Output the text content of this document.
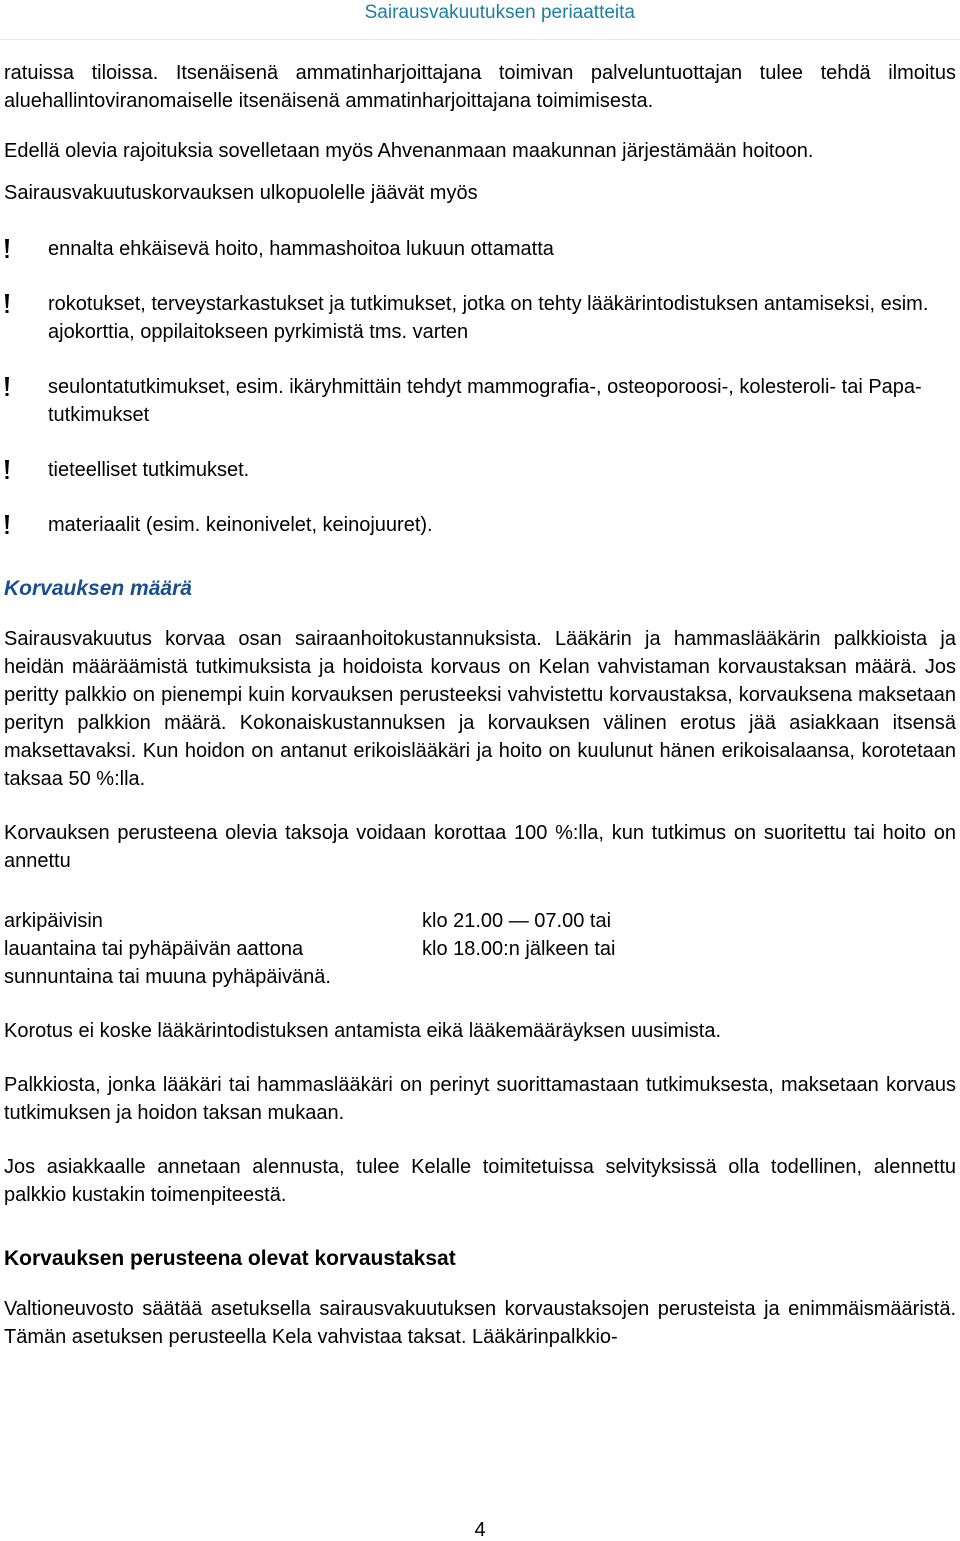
Sairausvakuutuksen periaatteita

ratuissa tiloissa. Itsenäisenä ammatinharjoittajana toimivan palveluntuottajan tulee tehdä ilmoitus aluehallintoviranomaiselle itsenäisenä ammatinharjoittajana toimimisesta.

Edellä olevia rajoituksia sovelletaan myös Ahvenanmaan maakunnan järjestämään hoitoon.

Sairausvakuutuskorvauksen ulkopuolelle jäävät myös

ennalta ehkäisevä hoito, hammashoitoa lukuun ottamatta
rokotukset, terveystarkastukset ja tutkimukset, jotka on tehty lääkärintodistuksen antamiseksi, esim. ajokorttia, oppilaitokseen pyrkimistä tms. varten
seulontatutkimukset, esim. ikäryhmittäin tehdyt mammografia-, osteoporoosi-, kolesteroli- tai Papa-tutkimukset
tieteelliset tutkimukset.
materiaalit (esim. keinonivelet, keinojuuret).
Korvauksen määrä

Sairausvakuutus korvaa osan sairaanhoitokustannuksista. Lääkärin ja hammaslääkärin palkkioista ja heidän määräämistä tutkimuksista ja hoidoista korvaus on Kelan vahvistaman korvaustaksan määrä. Jos peritty palkkio on pienempi kuin korvauksen perusteeksi vahvistettu korvaustaksa, korvauksena maksetaan perityn palkkion määrä. Kokonaiskustannuksen ja korvauksen välinen erotus jää asiakkaan itsensä maksettavaksi. Kun hoidon on antanut erikoislääkäri ja hoito on kuulunut hänen erikoisalaansa, korotetaan taksaa 50 %:lla.

Korvauksen perusteena olevia taksoja voidaan korottaa 100 %:lla, kun tutkimus on suoritettu tai hoito on annettu

arkipäivisin	klo 21.00 — 07.00 tai
lauantaina tai pyhäpäivän aattona	klo 18.00:n jälkeen tai
sunnuntaina tai muuna pyhäpäivänä.

Korotus ei koske lääkärintodistuksen antamista eikä lääkemääräyksen uusimista.

Palkkiosta, jonka lääkäri tai hammaslääkäri on perinyt suorittamastaan tutkimuksesta, maksetaan korvaus tutkimuksen ja hoidon taksan mukaan.

Jos asiakkaalle annetaan alennusta, tulee Kelalle toimitetuissa selvityksissä olla todellinen, alennettu palkkio kustakin toimenpiteestä.

Korvauksen perusteena olevat korvaustaksat

Valtioneuvosto säätää asetuksella sairausvakuutuksen korvaustaksojen perusteista ja enimmäismääristä. Tämän asetuksen perusteella Kela vahvistaa taksat. Lääkärinpalkkio-

4
